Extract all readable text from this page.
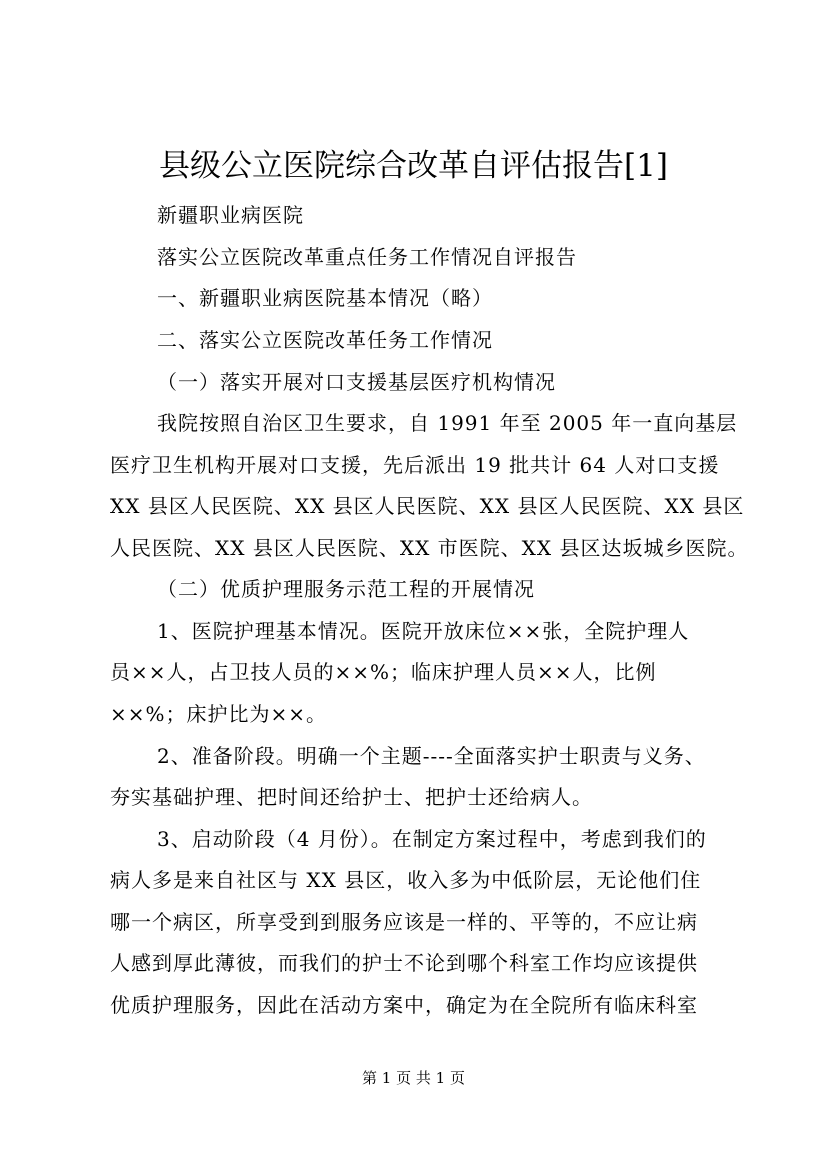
县级公立医院综合改革自评估报告[1]
新疆职业病医院
落实公立医院改革重点任务工作情况自评报告
一、新疆职业病医院基本情况（略）
二、落实公立医院改革任务工作情况
（一）落实开展对口支援基层医疗机构情况
我院按照自治区卫生要求，自 1991 年至 2005 年一直向基层
医疗卫生机构开展对口支援，先后派出 19 批共计 64 人对口支援
XX 县区人民医院、XX 县区人民医院、XX 县区人民医院、XX 县区
人民医院、XX 县区人民医院、XX 市医院、XX 县区达坂城乡医院。
（二）优质护理服务示范工程的开展情况
1、医院护理基本情况。医院开放床位××张，全院护理人
员××人，占卫技人员的××%；临床护理人员××人，比例
××%；床护比为××。
2、准备阶段。明确一个主题----全面落实护士职责与义务、
夯实基础护理、把时间还给护士、把护士还给病人。
3、启动阶段（4 月份）。在制定方案过程中，考虑到我们的
病人多是来自社区与 XX 县区，收入多为中低阶层，无论他们住
哪一个病区，所享受到到服务应该是一样的、平等的，不应让病
人感到厚此薄彼，而我们的护士不论到哪个科室工作均应该提供
优质护理服务，因此在活动方案中，确定为在全院所有临床科室
第 1 页 共 1 页
